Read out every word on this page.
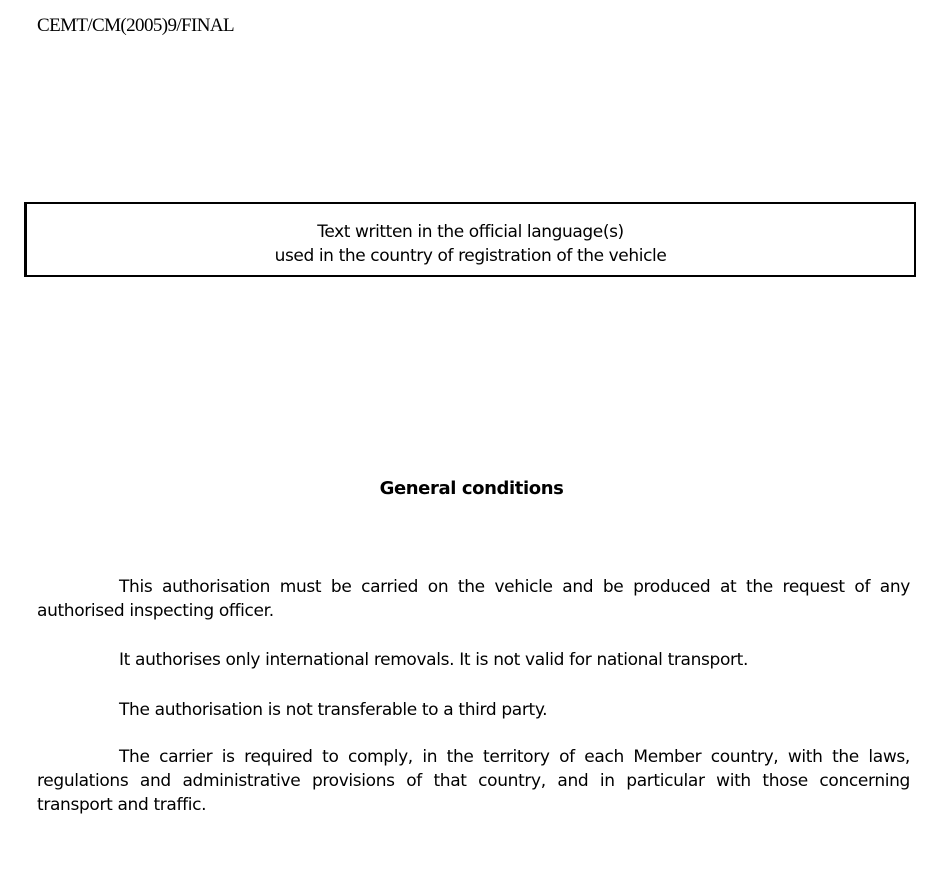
CEMT/CM(2005)9/FINAL
Text written in the official language(s)
used in the country of registration of the vehicle
General conditions

This authorisation must be carried on the vehicle and be produced at the request of any authorised inspecting officer.

It authorises only international removals. It is not valid for national transport.

The authorisation is not transferable to a third party.

The carrier is required to comply, in the territory of each Member country, with the laws, regulations and administrative provisions of that country, and in particular with those concerning transport and traffic.
